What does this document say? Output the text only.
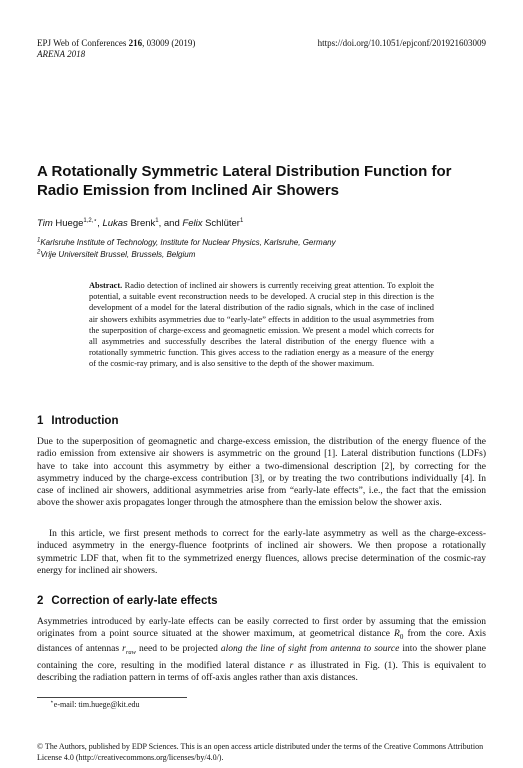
EPJ Web of Conferences 216, 03009 (2019)
ARENA 2018
https://doi.org/10.1051/epjconf/201921603009
A Rotationally Symmetric Lateral Distribution Function for Radio Emission from Inclined Air Showers
Tim Huege$^{1,2,⋆}$, Lukas Brenk$^1$, and Felix Schlüter$^1$
$^1$Karlsruhe Institute of Technology, Institute for Nuclear Physics, Karlsruhe, Germany
$^2$Vrije Universiteit Brussel, Brussels, Belgium
Abstract. Radio detection of inclined air showers is currently receiving great attention. To exploit the potential, a suitable event reconstruction needs to be developed. A crucial step in this direction is the development of a model for the lateral distribution of the radio signals, which in the case of inclined air showers exhibits asymmetries due to “early-late” effects in addition to the usual asymmetries from the superposition of charge-excess and geomagnetic emission. We present a model which corrects for all asymmetries and successfully describes the lateral distribution of the energy fluence with a rotationally symmetric function. This gives access to the radiation energy as a measure of the energy of the cosmic-ray primary, and is also sensitive to the depth of the shower maximum.
1 Introduction
Due to the superposition of geomagnetic and charge-excess emission, the distribution of the energy fluence of the radio emission from extensive air showers is asymmetric on the ground [1]. Lateral distribution functions (LDFs) have to take into account this asymmetry by either a two-dimensional description [2], by correcting for the asymmetry induced by the charge-excess contribution [3], or by treating the two contributions individually [4]. In case of inclined air showers, additional asymmetries arise from “early-late effects”, i.e., the fact that the emission above the shower axis propagates longer through the atmosphere than the emission below the shower axis.
In this article, we first present methods to correct for the early-late asymmetry as well as the charge-excess-induced asymmetry in the energy-fluence footprints of inclined air showers. We then propose a rotationally symmetric LDF that, when fit to the symmetrized energy fluences, allows precise determination of the cosmic-ray energy for inclined air showers.
2 Correction of early-late effects
Asymmetries introduced by early-late effects can be easily corrected to first order by assuming that the emission originates from a point source situated at the shower maximum, at geometrical distance $R_0$ from the core. Axis distances of antennas $r_{raw}$ need to be projected along the line of sight from antenna to source into the shower plane containing the core, resulting in the modified lateral distance r as illustrated in Fig. (1). This is equivalent to describing the radiation pattern in terms of off-axis angles rather than axis distances.
⋆e-mail: tim.huege@kit.edu
© The Authors, published by EDP Sciences. This is an open access article distributed under the terms of the Creative Commons Attribution License 4.0 (http://creativecommons.org/licenses/by/4.0/).
